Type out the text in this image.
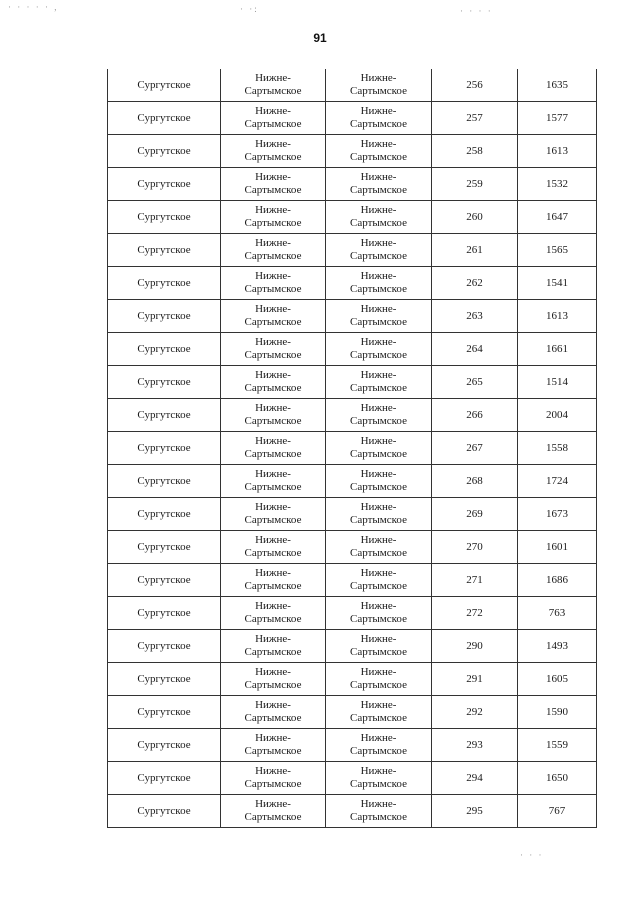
· · · · · ,	· ·:	· · · ·
· · ·
91
Сургутское	Нижне-
Сартымское	Нижне-
Сартымское	256	1635
Сургутское	Нижне-
Сартымское	Нижне-
Сартымское	257	1577
Сургутское	Нижне-
Сартымское	Нижне-
Сартымское	258	1613
Сургутское	Нижне-
Сартымское	Нижне-
Сартымское	259	1532
Сургутское	Нижне-
Сартымское	Нижне-
Сартымское	260	1647
Сургутское	Нижне-
Сартымское	Нижне-
Сартымское	261	1565
Сургутское	Нижне-
Сартымское	Нижне-
Сартымское	262	1541
Сургутское	Нижне-
Сартымское	Нижне-
Сартымское	263	1613
Сургутское	Нижне-
Сартымское	Нижне-
Сартымское	264	1661
Сургутское	Нижне-
Сартымское	Нижне-
Сартымское	265	1514
Сургутское	Нижне-
Сартымское	Нижне-
Сартымское	266	2004
Сургутское	Нижне-
Сартымское	Нижне-
Сартымское	267	1558
Сургутское	Нижне-
Сартымское	Нижне-
Сартымское	268	1724
Сургутское	Нижне-
Сартымское	Нижне-
Сартымское	269	1673
Сургутское	Нижне-
Сартымское	Нижне-
Сартымское	270	1601
Сургутское	Нижне-
Сартымское	Нижне-
Сартымское	271	1686
Сургутское	Нижне-
Сартымское	Нижне-
Сартымское	272	763
Сургутское	Нижне-
Сартымское	Нижне-
Сартымское	290	1493
Сургутское	Нижне-
Сартымское	Нижне-
Сартымское	291	1605
Сургутское	Нижне-
Сартымское	Нижне-
Сартымское	292	1590
Сургутское	Нижне-
Сартымское	Нижне-
Сартымское	293	1559
Сургутское	Нижне-
Сартымское	Нижне-
Сартымское	294	1650
Сургутское	Нижне-
Сартымское	Нижне-
Сартымское	295	767
